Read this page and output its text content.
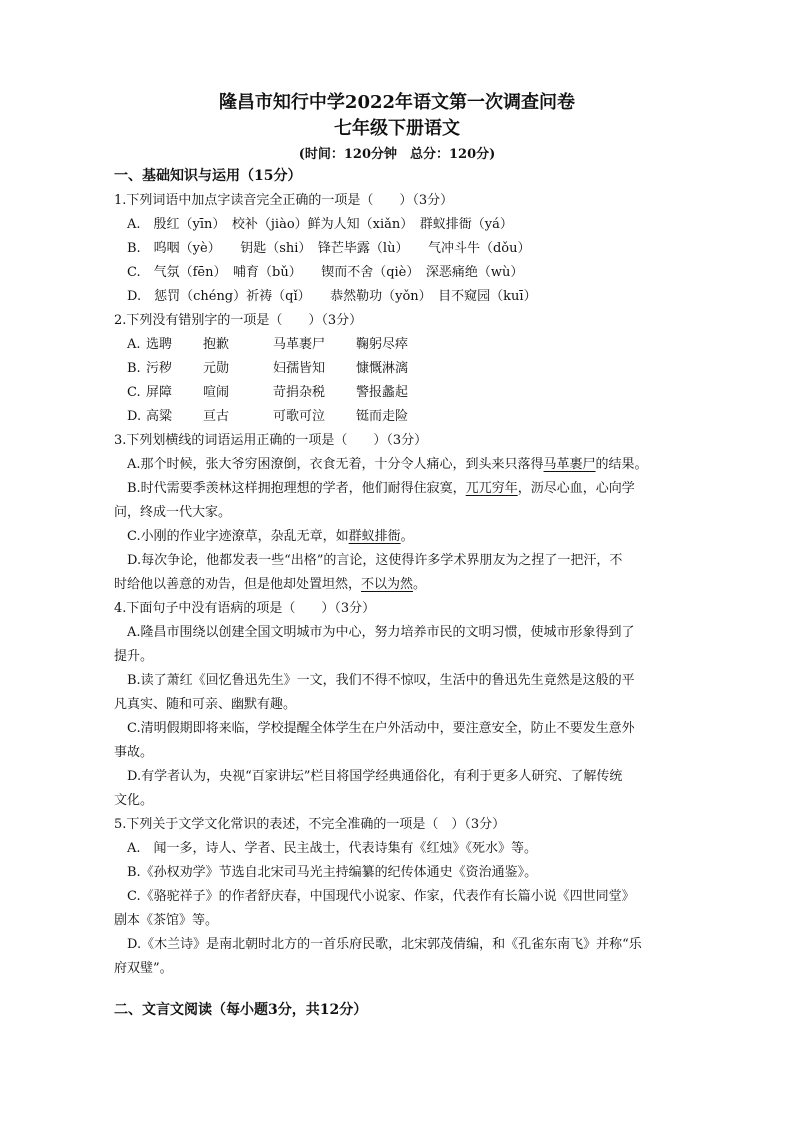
隆昌市知行中学2022年语文第一次调查问卷
七年级下册语文
(时间：120分钟　总分：120分)
一、基础知识与运用（15分）
1.下列词语中加点字读音完全正确的一项是（　　）（3分）
A.　殷红（yīn）　校补（jiào）鲜为人知（xiǎn）　群蚁排衙（yá）
B.　呜咽（yè）　　钥匙（shi）　锋芒毕露（lù）　　气冲斗牛（dǒu）
C.　气氛（fēn）　哺育（bǔ）　　锲而不舍（qiè）　深恶痛绝（wù）
D.　惩罚（chéng）祈祷（qǐ）　　恭然勒功（yǒn）　目不窥园（kuī）
2.下列没有错别字的一项是（　　）（3分）
A. 选聘 抱歉	马革裹尸 鞠躬尽瘁
B. 污秽 元勋	妇孺皆知 慷慨淋漓
C. 屏障 喧闹	苛捐杂税 警报蠡起
D. 高粱 亘古	可歌可泣 铤而走险
3.下列划横线的词语运用正确的一项是（　　）（3分）
A.那个时候，张大爷穷困潦倒，衣食无着，十分令人痛心，到头来只落得马革裹尸的结果。
B.时代需要季羡林这样拥抱理想的学者，他们耐得住寂寞，兀兀穷年，沥尽心血，心向学
问，终成一代大家。
C.小刚的作业字迹潦草，杂乱无章，如群蚁排衙。
D.每次争论，他都发表一些“出格”的言论，这使得许多学术界朋友为之捏了一把汗，不
时给他以善意的劝告，但是他却处置坦然，不以为然。
4.下面句子中没有语病的项是（　　）（3分）
A.隆昌市围绕以创建全国文明城市为中心，努力培养市民的文明习惯，使城市形象得到了
提升。
B.读了萧红《回忆鲁迅先生》一文，我们不得不惊叹，生活中的鲁迅先生竟然是这般的平
凡真实、随和可亲、幽默有趣。
C.清明假期即将来临，学校提醒全体学生在户外活动中，要注意安全，防止不要发生意外
事故。
D.有学者认为，央视“百家讲坛”栏目将国学经典通俗化，有利于更多人研究、了解传统
文化。
5.下列关于文学文化常识的表述，不完全准确的一项是（　）（3分）
A.　闻一多，诗人、学者、民主战士，代表诗集有《红烛》《死水》等。
B.《孙权劝学》节选自北宋司马光主持编纂的纪传体通史《资治通鉴》。
C.《骆驼祥子》的作者舒庆春，中国现代小说家、作家，代表作有长篇小说《四世同堂》
剧本《茶馆》等。
D.《木兰诗》是南北朝时北方的一首乐府民歌，北宋郭茂倩编，和《孔雀东南飞》并称“乐
府双璧”。
二、文言文阅读（每小题3分，共12分）
